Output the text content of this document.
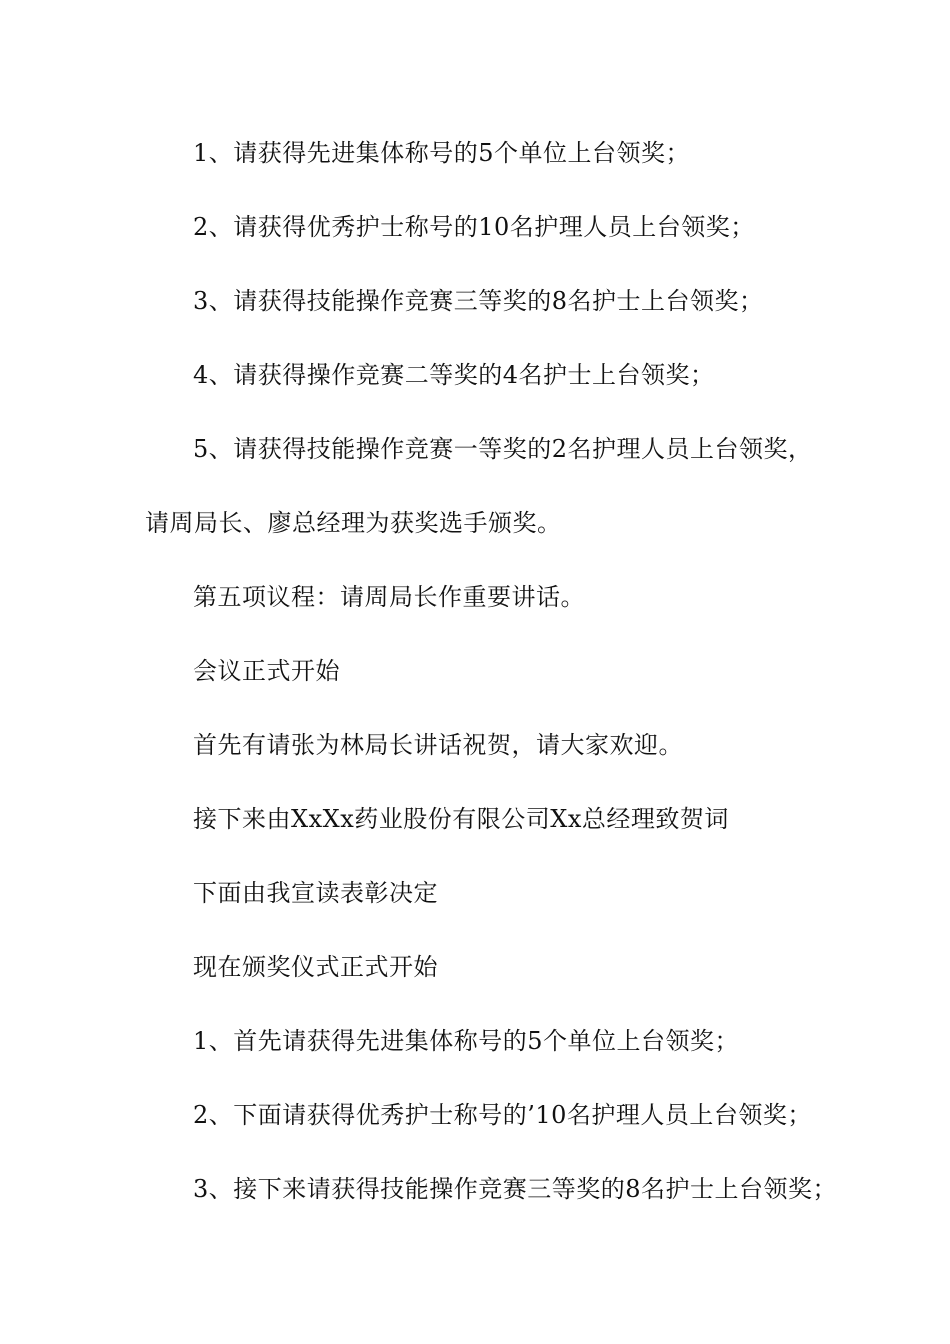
1、请获得先进集体称号的5个单位上台领奖；
2、请获得优秀护士称号的10名护理人员上台领奖；
3、请获得技能操作竞赛三等奖的8名护士上台领奖；
4、请获得操作竞赛二等奖的4名护士上台领奖；
5、请获得技能操作竞赛一等奖的2名护理人员上台领奖，
请周局长、廖总经理为获奖选手颁奖。
第五项议程：请周局长作重要讲话。
会议正式开始
首先有请张为林局长讲话祝贺，请大家欢迎。
接下来由XxXx药业股份有限公司Xx总经理致贺词
下面由我宣读表彰决定
现在颁奖仪式正式开始
1、首先请获得先进集体称号的5个单位上台领奖；
2、下面请获得优秀护士称号的’10名护理人员上台领奖；
3、接下来请获得技能操作竞赛三等奖的8名护士上台领奖；
